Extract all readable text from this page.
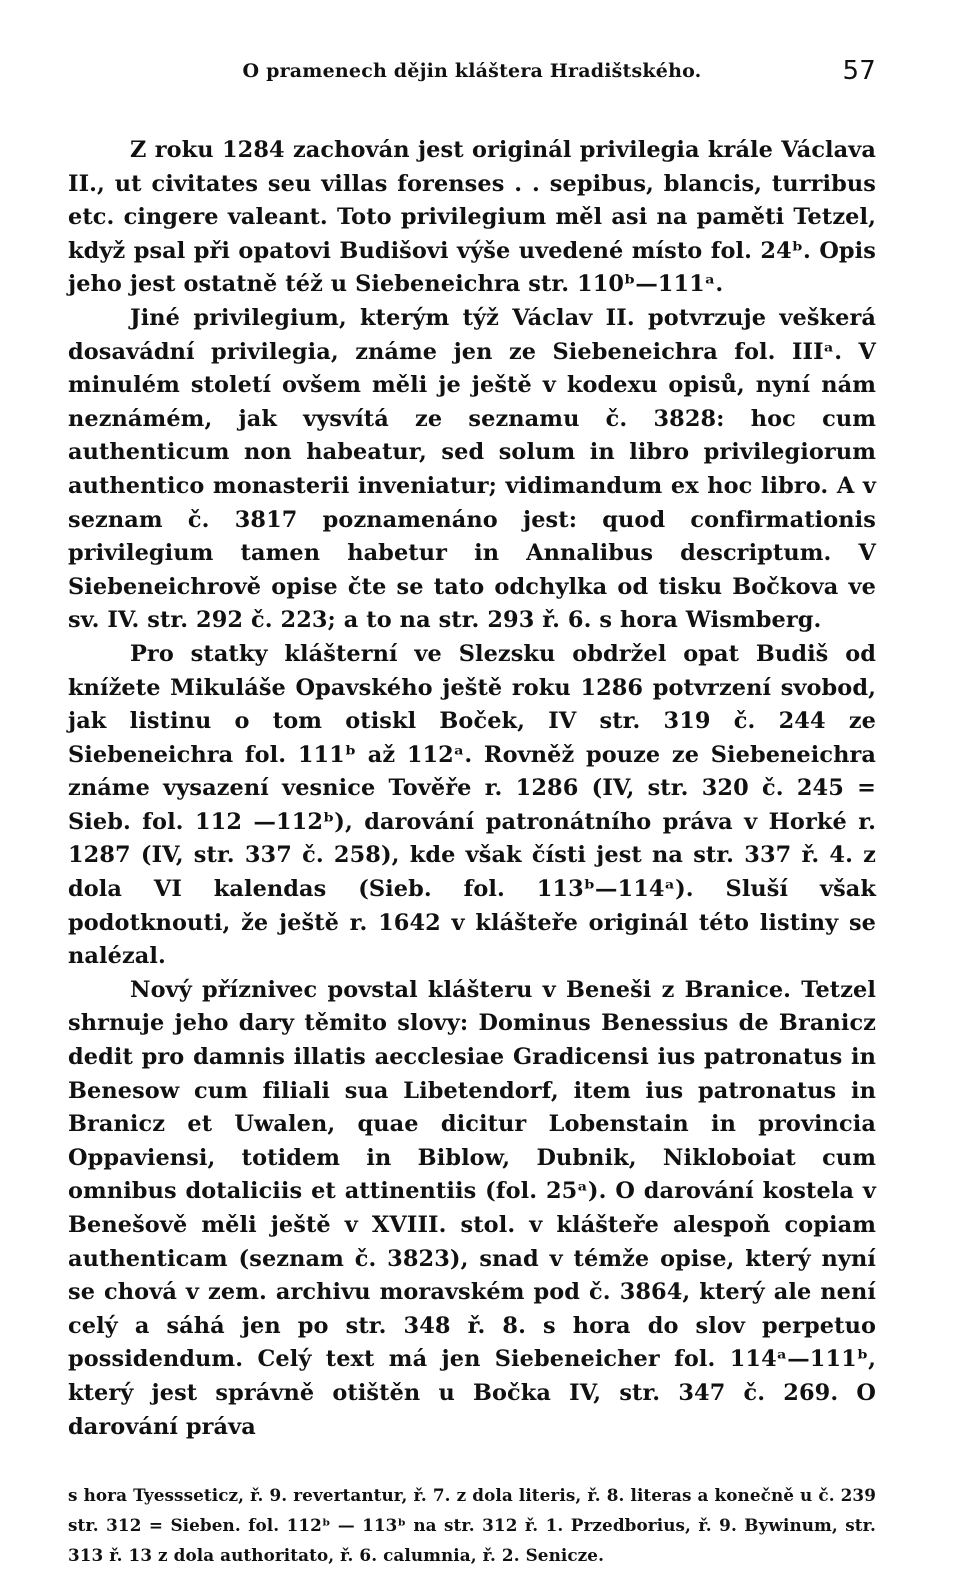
O pramenech dějin kláštera Hradištského.	57

Z roku 1284 zachován jest originál privilegia krále Václava II., ut civitates seu villas forenses . . sepibus, blancis, turribus etc. cingere valeant. Toto privilegium měl asi na paměti Tetzel, když psal při opatovi Budišovi výše uvedené místo fol. 24ᵇ. Opis jeho jest ostatně též u Siebeneichra str. 110ᵇ—111ᵃ.

Jiné privilegium, kterým týž Václav II. potvrzuje veškerá dosavádní privilegia, známe jen ze Siebeneichra fol. IIIᵃ. V minulém století ovšem měli je ještě v kodexu opisů, nyní nám neznámém, jak vysvítá ze seznamu č. 3828: hoc cum authenticum non habeatur, sed solum in libro privilegiorum authentico monasterii inveniatur; vidimandum ex hoc libro. A v seznam č. 3817 poznamenáno jest: quod confirmationis privilegium tamen habetur in Annalibus descriptum. V Siebeneichrově opise čte se tato odchylka od tisku Bočkova ve sv. IV. str. 292 č. 223; a to na str. 293 ř. 6. s hora Wismberg.

Pro statky klášterní ve Slezsku obdržel opat Budiš od knížete Mikuláše Opavského ještě roku 1286 potvrzení svobod, jak listinu o tom otiskl Boček, IV str. 319 č. 244 ze Siebeneichra fol. 111ᵇ až 112ᵃ. Rovněž pouze ze Siebeneichra známe vysazení vesnice Tověře r. 1286 (IV, str. 320 č. 245 = Sieb. fol. 112 —112ᵇ), darování patronátního práva v Horké r. 1287 (IV, str. 337 č. 258), kde však čísti jest na str. 337 ř. 4. z dola VI kalendas (Sieb. fol. 113ᵇ—114ᵃ). Sluší však podotknouti, že ještě r. 1642 v klášteře originál této listiny se nalézal.

Nový příznivec povstal klášteru v Beneši z Branice. Tetzel shrnuje jeho dary těmito slovy: Dominus Benessius de Branicz dedit pro damnis illatis aecclesiae Gradicensi ius patronatus in Benesow cum filiali sua Libetendorf, item ius patronatus in Branicz et Uwalen, quae dicitur Lobenstain in provincia Oppaviensi, totidem in Biblow, Dubnik, Nikloboiat cum omnibus dotaliciis et attinentiis (fol. 25ᵃ). O darování kostela v Benešově měli ještě v XVIII. stol. v klášteře alespoň copiam authenticam (seznam č. 3823), snad v témže opise, který nyní se chová v zem. archivu moravském pod č. 3864, který ale není celý a sáhá jen po str. 348 ř. 8. s hora do slov perpetuo possidendum. Celý text má jen Siebeneicher fol. 114ᵃ—111ᵇ, který jest správně otištěn u Bočka IV, str. 347 č. 269. O darování práva

s hora Tyessseticz, ř. 9. revertantur, ř. 7. z dola literis, ř. 8. literas a konečně u č. 239 str. 312 = Sieben. fol. 112ᵇ — 113ᵇ na str. 312 ř. 1. Przedborius, ř. 9. Bywinum, str. 313 ř. 13 z dola authoritato, ř. 6. calumnia, ř. 2. Senicze.
